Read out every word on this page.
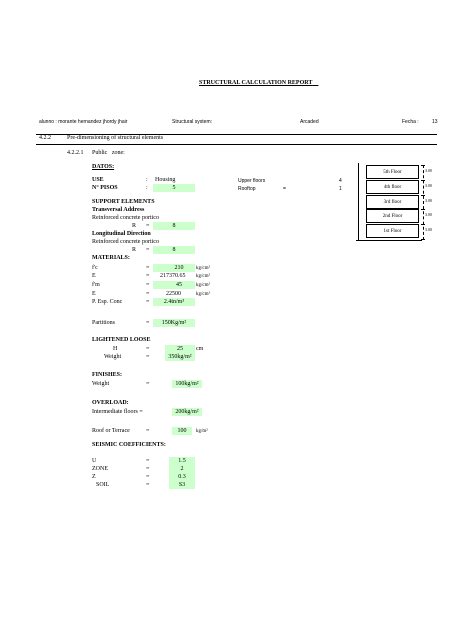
STRUCTURAL CALCULATION REPORT
alunno : morante hernandez jhordy jhair	Structural system:	Arcaded	Fecha :	13
4.2.2	Pre-dimensioning of structural elements
4.2.2.1 Public zone:
DATOS:
USE	: Housing
N° PISOS	:	5
Upper floors	4
Rooftop	=	1
SUPPORT ELEMENTS
Transversal Address
Reinforced concrete portico
R =	8
Longitudinal Direction
Reinforced concrete portico
R =	8
MATERIALS:
f'c	=	210	kg/cm²
E	= 217370.65 kg/cm²
f'm	=	45	kg/cm²
E	=	22500	kg/cm²
P. Esp. Conc	=	2.4tn/m³
Partitions	=	150Kg/m²
LIGHTENED LOOSE
H	=	25	cm
Weight	=	350kg/m²
FINISHES:
Weight	=	100kg/m²
OVERLOAD:
Intermediate floors =	200kg/m²
Roof or Terrace	=	100	kg/m²
SEISMIC COEFFICIENTS:
U	=	1.5
ZONE	=	2
Z	=	0.3
SOIL	=	S3
5th Floor
4th floor
3rd floor
2nd Floor
1st Floor
3.00
3.00
3.00
3.00
3.00
